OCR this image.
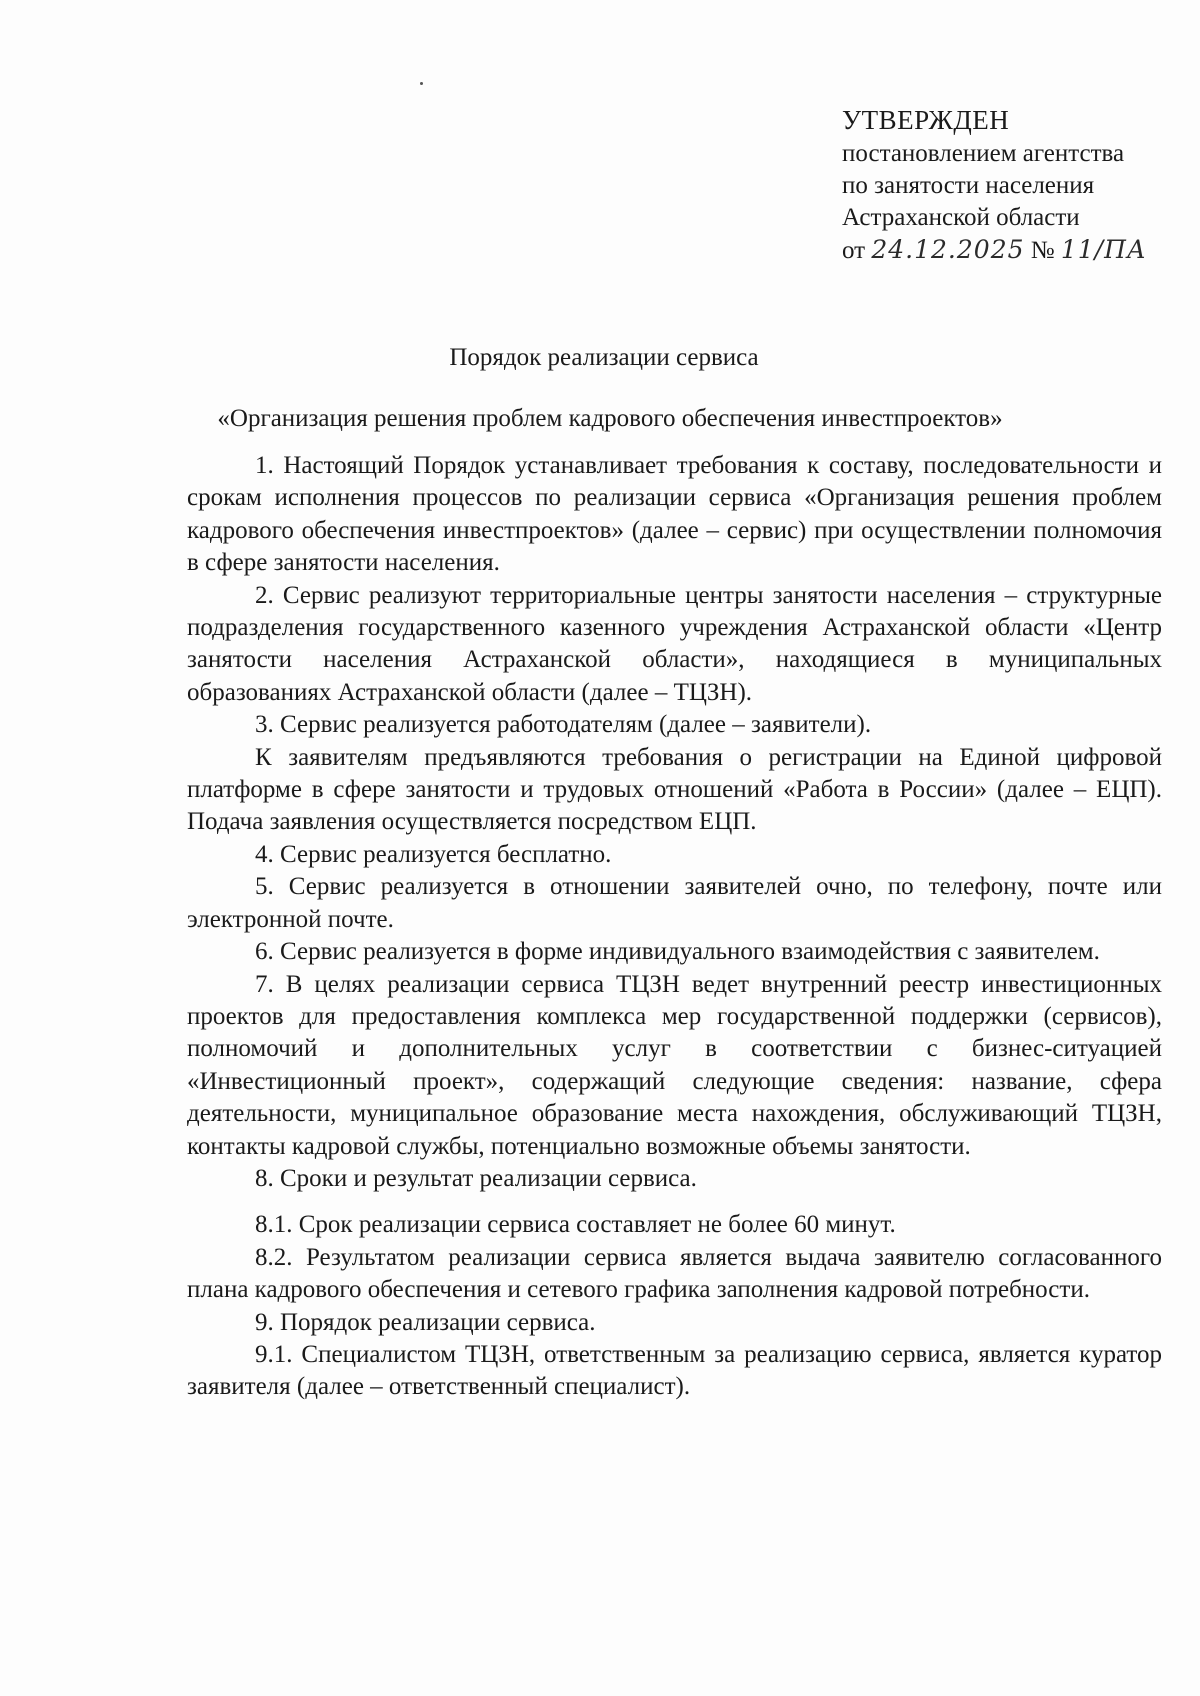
УТВЕРЖДЕН
постановлением агентства
по занятости населения
Астраханской области
от 24.12.2025 № 11/ПА
Порядок реализации сервиса
«Организация решения проблем кадрового обеспечения инвестпроектов»

1. Настоящий Порядок устанавливает требования к составу, последовательности и срокам исполнения процессов по реализации сервиса «Организация решения проблем кадрового обеспечения инвестпроектов» (далее – сервис) при осуществлении полномочия в сфере занятости населения.

2. Сервис реализуют территориальные центры занятости населения – структурные подразделения государственного казенного учреждения Астраханской области «Центр занятости населения Астраханской области», находящиеся в муниципальных образованиях Астраханской области (далее – ТЦЗН).

3. Сервис реализуется работодателям (далее – заявители).

К заявителям предъявляются требования о регистрации на Единой цифровой платформе в сфере занятости и трудовых отношений «Работа в России» (далее – ЕЦП). Подача заявления осуществляется посредством ЕЦП.

4. Сервис реализуется бесплатно.

5. Сервис реализуется в отношении заявителей очно, по телефону, почте или электронной почте.

6. Сервис реализуется в форме индивидуального взаимодействия с заявителем.

7. В целях реализации сервиса ТЦЗН ведет внутренний реестр инвестиционных проектов для предоставления комплекса мер государственной поддержки (сервисов), полномочий и дополнительных услуг в соответствии с бизнес-ситуацией «Инвестиционный проект», содержащий следующие сведения: название, сфера деятельности, муниципальное образование места нахождения, обслуживающий ТЦЗН, контакты кадровой службы, потенциально возможные объемы занятости.

8. Сроки и результат реализации сервиса.

8.1. Срок реализации сервиса составляет не более 60 минут.

8.2. Результатом реализации сервиса является выдача заявителю согласованного плана кадрового обеспечения и сетевого графика заполнения кадровой потребности.

9. Порядок реализации сервиса.

9.1. Специалистом ТЦЗН, ответственным за реализацию сервиса, является куратор заявителя (далее – ответственный специалист).
